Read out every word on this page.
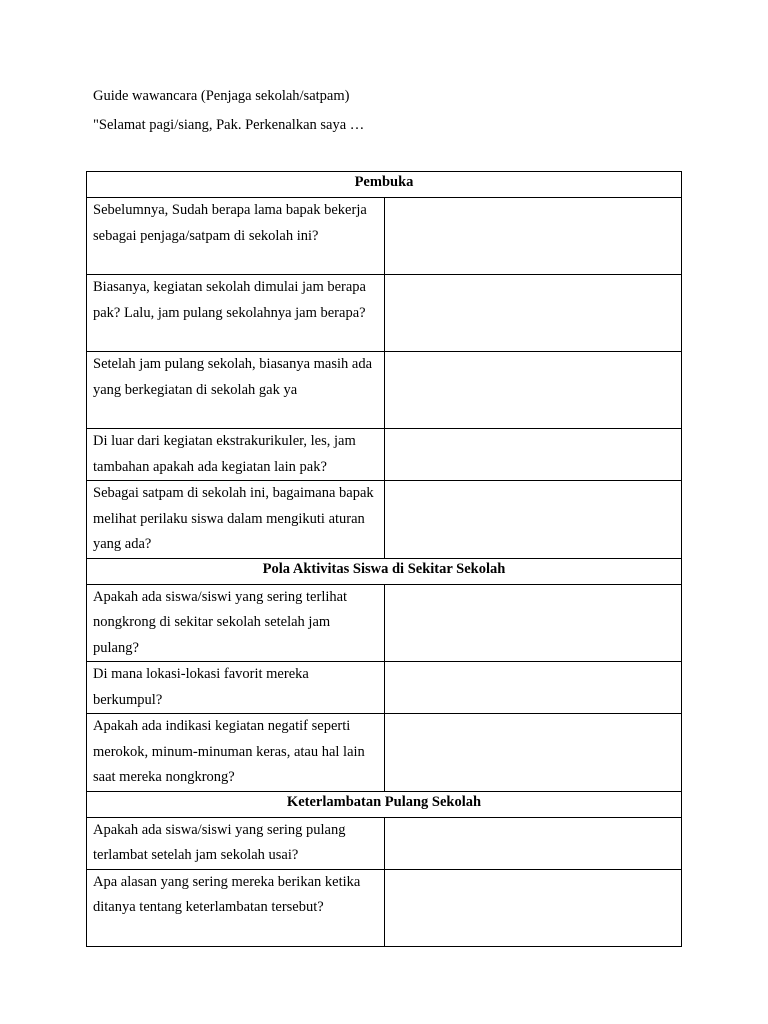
Guide wawancara (Penjaga sekolah/satpam)
"Selamat pagi/siang, Pak. Perkenalkan saya …
Pembuka	
Sebelumnya, Sudah berapa lama bapak bekerja sebagai penjaga/satpam di sekolah ini?	
Biasanya, kegiatan sekolah dimulai jam berapa pak? Lalu, jam pulang sekolahnya jam berapa?	
Setelah jam pulang sekolah, biasanya masih ada yang berkegiatan di sekolah gak ya	
Di luar dari kegiatan ekstrakurikuler, les, jam tambahan apakah ada kegiatan lain pak?	
Sebagai satpam di sekolah ini, bagaimana bapak melihat perilaku siswa dalam mengikuti aturan yang ada?	
Pola Aktivitas Siswa di Sekitar Sekolah	
Apakah ada siswa/siswi yang sering terlihat nongkrong di sekitar sekolah setelah jam pulang?	
Di mana lokasi-lokasi favorit mereka berkumpul?	
Apakah ada indikasi kegiatan negatif seperti merokok, minum-minuman keras, atau hal lain saat mereka nongkrong?	
Keterlambatan Pulang Sekolah	
Apakah ada siswa/siswi yang sering pulang terlambat setelah jam sekolah usai?	
Apa alasan yang sering mereka berikan ketika ditanya tentang keterlambatan tersebut?	
